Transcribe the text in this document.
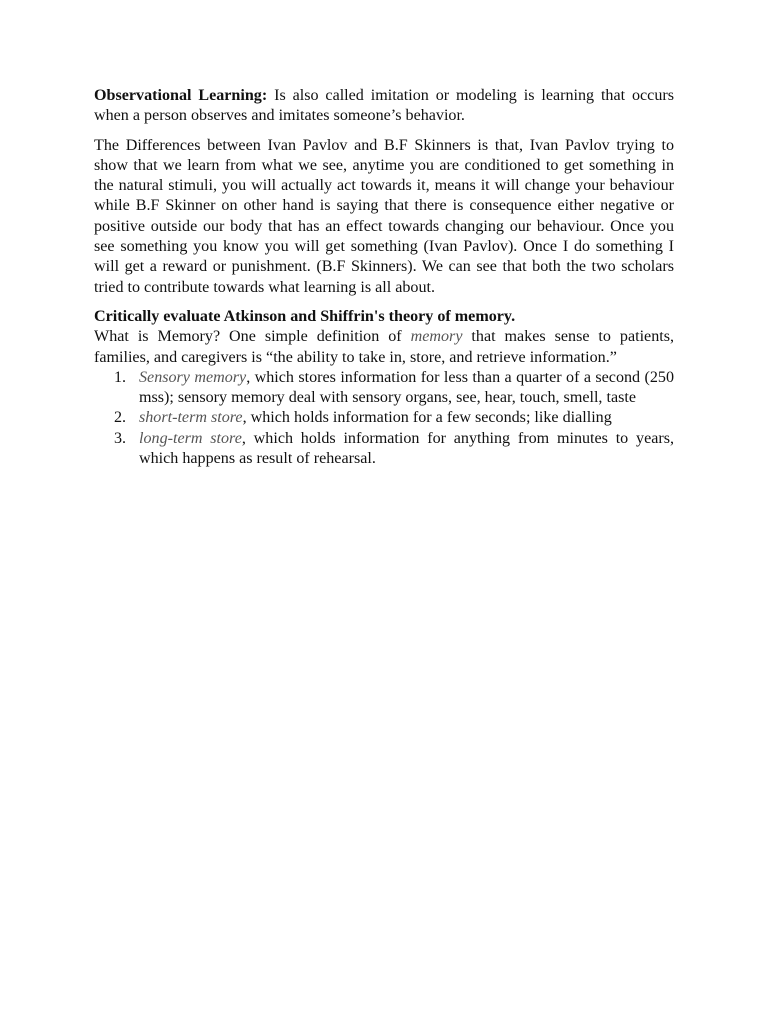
Observational Learning: Is also called imitation or modeling is learning that occurs when a person observes and imitates someone’s behavior.

The Differences between Ivan Pavlov and B.F Skinners is that, Ivan Pavlov trying to show that we learn from what we see, anytime you are conditioned to get something in the natural stimuli, you will actually act towards it, means it will change your behaviour while B.F Skinner on other hand is saying that there is consequence either negative or positive outside our body that has an effect towards changing our behaviour. Once you see something you know you will get something (Ivan Pavlov). Once I do something I will get a reward or punishment. (B.F Skinners). We can see that both the two scholars tried to contribute towards what learning is all about.

Critically evaluate Atkinson and Shiffrin's theory of memory.

What is Memory? One simple definition of memory that makes sense to patients, families, and caregivers is “the ability to take in, store, and retrieve information.”

1. Sensory memory, which stores information for less than a quarter of a second (250 mss); sensory memory deal with sensory organs, see, hear, touch, smell, taste
2. short-term store, which holds information for a few seconds; like dialling
3. long-term store, which holds information for anything from minutes to years, which happens as result of rehearsal.
